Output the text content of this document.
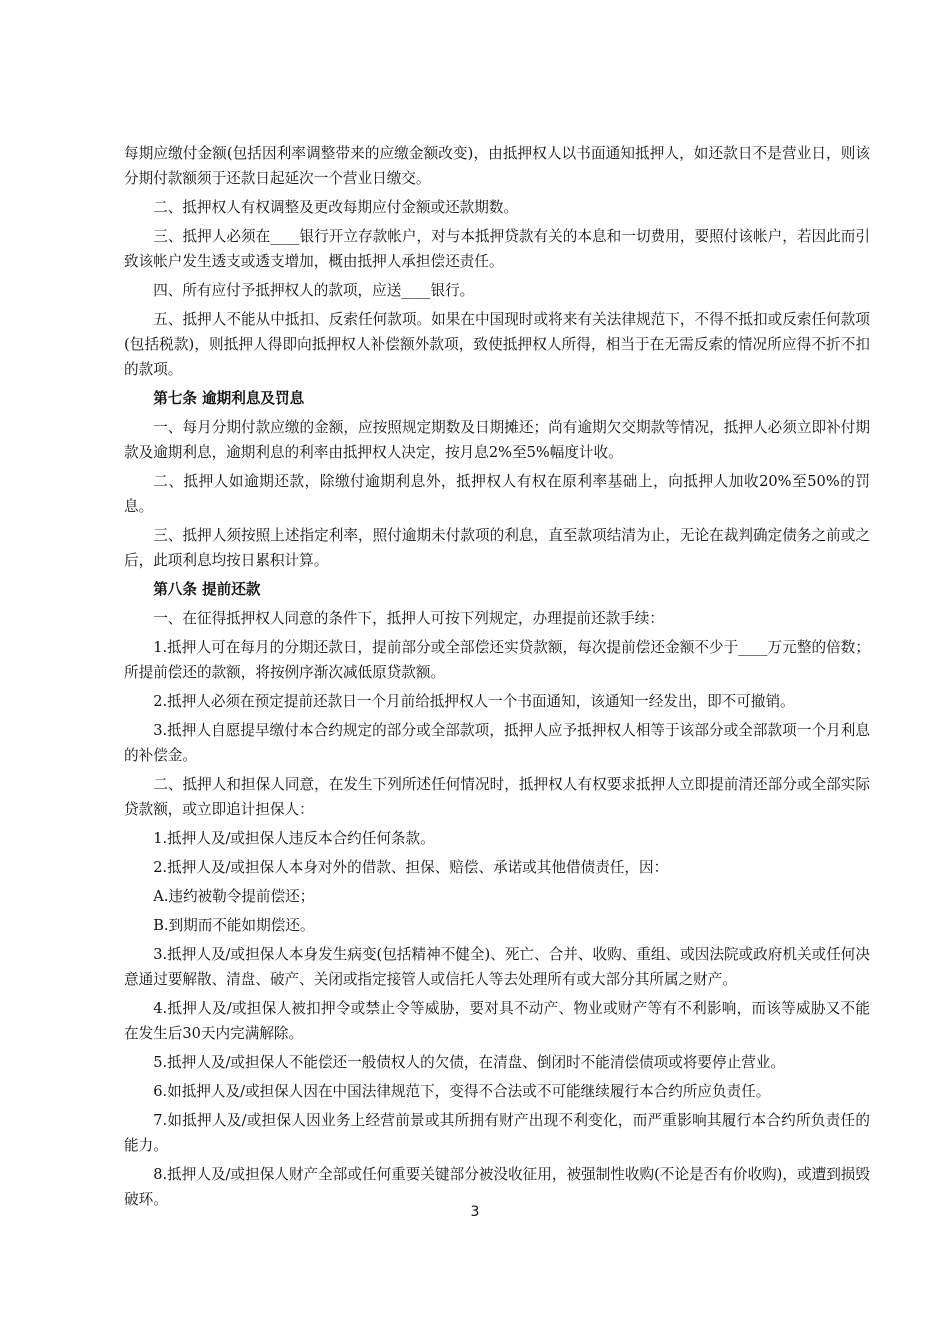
每期应缴付金额(包括因利率调整带来的应缴金额改变)，由抵押权人以书面通知抵押人，如还款日不是营业日，则该分期付款额须于还款日起延次一个营业日缴交。

二、抵押权人有权调整及更改每期应付金额或还款期数。

三、抵押人必须在____银行开立存款帐户，对与本抵押贷款有关的本息和一切费用，要照付该帐户，若因此而引致该帐户发生透支或透支增加，概由抵押人承担偿还责任。

四、所有应付予抵押权人的款项，应送____银行。

五、抵押人不能从中抵扣、反索任何款项。如果在中国现时或将来有关法律规范下，不得不抵扣或反索任何款项(包括税款)，则抵押人得即向抵押权人补偿额外款项，致使抵押权人所得，相当于在无需反索的情况所应得不折不扣的款项。

第七条 逾期利息及罚息

一、每月分期付款应缴的金额，应按照规定期数及日期摊还；尚有逾期欠交期款等情况，抵押人必须立即补付期款及逾期利息，逾期利息的利率由抵押权人决定，按月息2%至5%幅度计收。

二、抵押人如逾期还款，除缴付逾期利息外，抵押权人有权在原利率基础上，向抵押人加收20%至50%的罚息。

三、抵押人须按照上述指定利率，照付逾期未付款项的利息，直至款项结清为止，无论在裁判确定债务之前或之后，此项利息均按日累积计算。

第八条 提前还款

一、在征得抵押权人同意的条件下，抵押人可按下列规定，办理提前还款手续：

1.抵押人可在每月的分期还款日，提前部分或全部偿还实贷款额，每次提前偿还金额不少于____万元整的倍数；所提前偿还的款额，将按例序渐次减低原贷款额。

2.抵押人必须在预定提前还款日一个月前给抵押权人一个书面通知，该通知一经发出，即不可撤销。

3.抵押人自愿提早缴付本合约规定的部分或全部款项，抵押人应予抵押权人相等于该部分或全部款项一个月利息的补偿金。

二、抵押人和担保人同意，在发生下列所述任何情况时，抵押权人有权要求抵押人立即提前清还部分或全部实际贷款额，或立即追计担保人：

1.抵押人及/或担保人违反本合约任何条款。

2.抵押人及/或担保人本身对外的借款、担保、赔偿、承诺或其他借债责任，因：

A.违约被勒令提前偿还；

B.到期而不能如期偿还。

3.抵押人及/或担保人本身发生病变(包括精神不健全)、死亡、合并、收购、重组、或因法院或政府机关或任何决意通过要解散、清盘、破产、关闭或指定接管人或信托人等去处理所有或大部分其所属之财产。

4.抵押人及/或担保人被扣押令或禁止令等威胁，要对具不动产、物业或财产等有不利影响，而该等威胁又不能在发生后30天内完满解除。

5.抵押人及/或担保人不能偿还一般债权人的欠债，在清盘、倒闭时不能清偿债项或将要停止营业。

6.如抵押人及/或担保人因在中国法律规范下，变得不合法或不可能继续履行本合约所应负责任。

7.如抵押人及/或担保人因业务上经营前景或其所拥有财产出现不利变化，而严重影响其履行本合约所负责任的能力。

8.抵押人及/或担保人财产全部或任何重要关键部分被没收征用，被强制性收购(不论是否有价收购)，或遭到损毁破环。

3
